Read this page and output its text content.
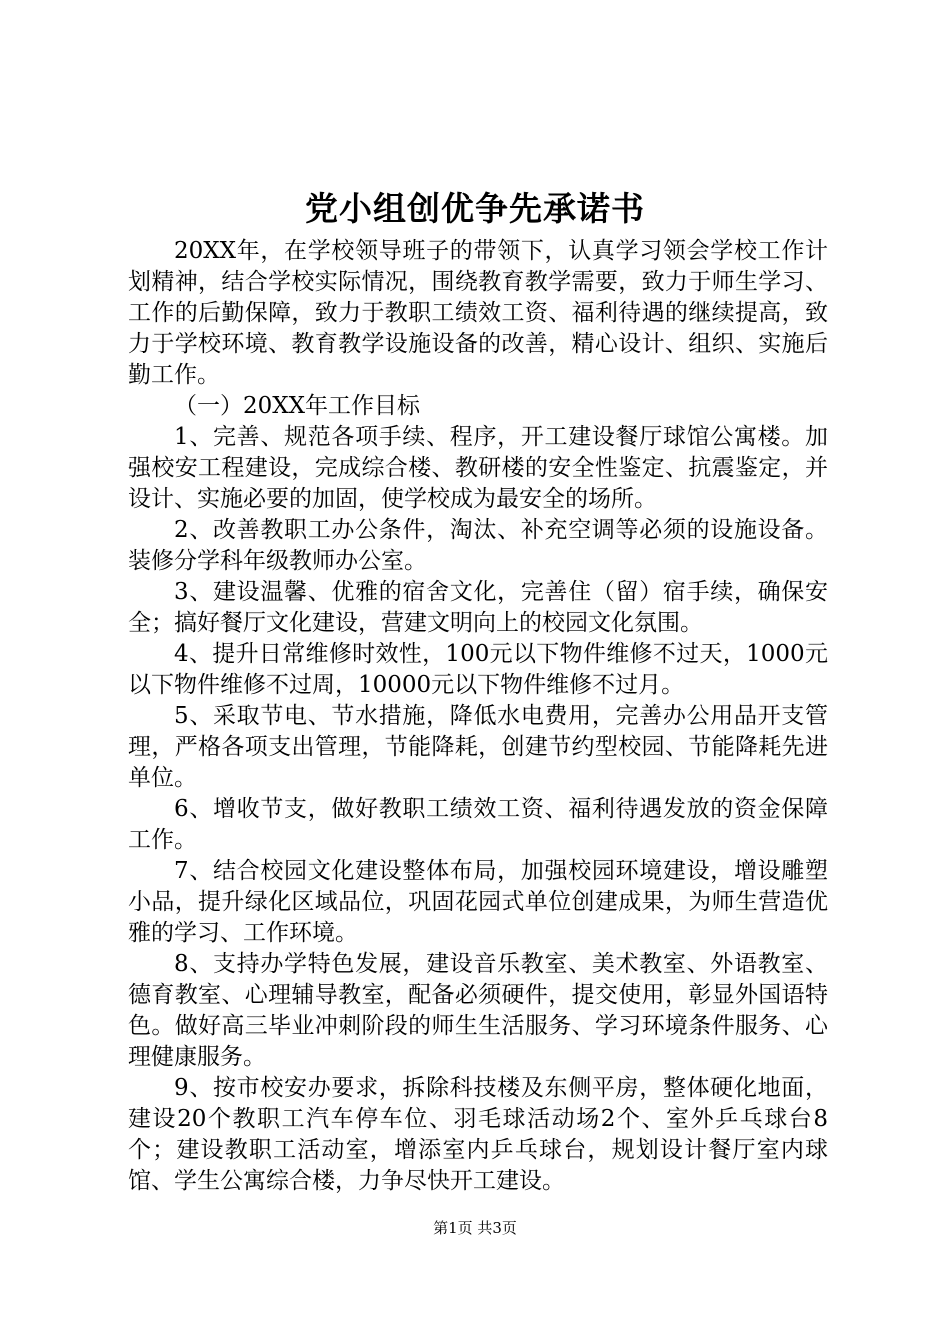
党小组创优争先承诺书

20XX年，在学校领导班子的带领下，认真学习领会学校工作计划精神，结合学校实际情况，围绕教育教学需要，致力于师生学习、工作的后勤保障，致力于教职工绩效工资、福利待遇的继续提高，致力于学校环境、教育教学设施设备的改善，精心设计、组织、实施后勤工作。

（一）20XX年工作目标

1、完善、规范各项手续、程序，开工建设餐厅球馆公寓楼。加强校安工程建设，完成综合楼、教研楼的安全性鉴定、抗震鉴定，并设计、实施必要的加固，使学校成为最安全的场所。

2、改善教职工办公条件，淘汰、补充空调等必须的设施设备。装修分学科年级教师办公室。

3、建设温馨、优雅的宿舍文化，完善住（留）宿手续，确保安全；搞好餐厅文化建设，营建文明向上的校园文化氛围。

4、提升日常维修时效性，100元以下物件维修不过天，1000元以下物件维修不过周，10000元以下物件维修不过月。

5、采取节电、节水措施，降低水电费用，完善办公用品开支管理，严格各项支出管理，节能降耗，创建节约型校园、节能降耗先进单位。

6、增收节支，做好教职工绩效工资、福利待遇发放的资金保障工作。

7、结合校园文化建设整体布局，加强校园环境建设，增设雕塑小品，提升绿化区域品位，巩固花园式单位创建成果，为师生营造优雅的学习、工作环境。

8、支持办学特色发展，建设音乐教室、美术教室、外语教室、德育教室、心理辅导教室，配备必须硬件，提交使用，彰显外国语特色。做好高三毕业冲刺阶段的师生生活服务、学习环境条件服务、心理健康服务。

9、按市校安办要求，拆除科技楼及东侧平房，整体硬化地面，建设20个教职工汽车停车位、羽毛球活动场2个、室外乒乓球台8个；建设教职工活动室，增添室内乒乓球台，规划设计餐厅室内球馆、学生公寓综合楼，力争尽快开工建设。

第1页 共3页
